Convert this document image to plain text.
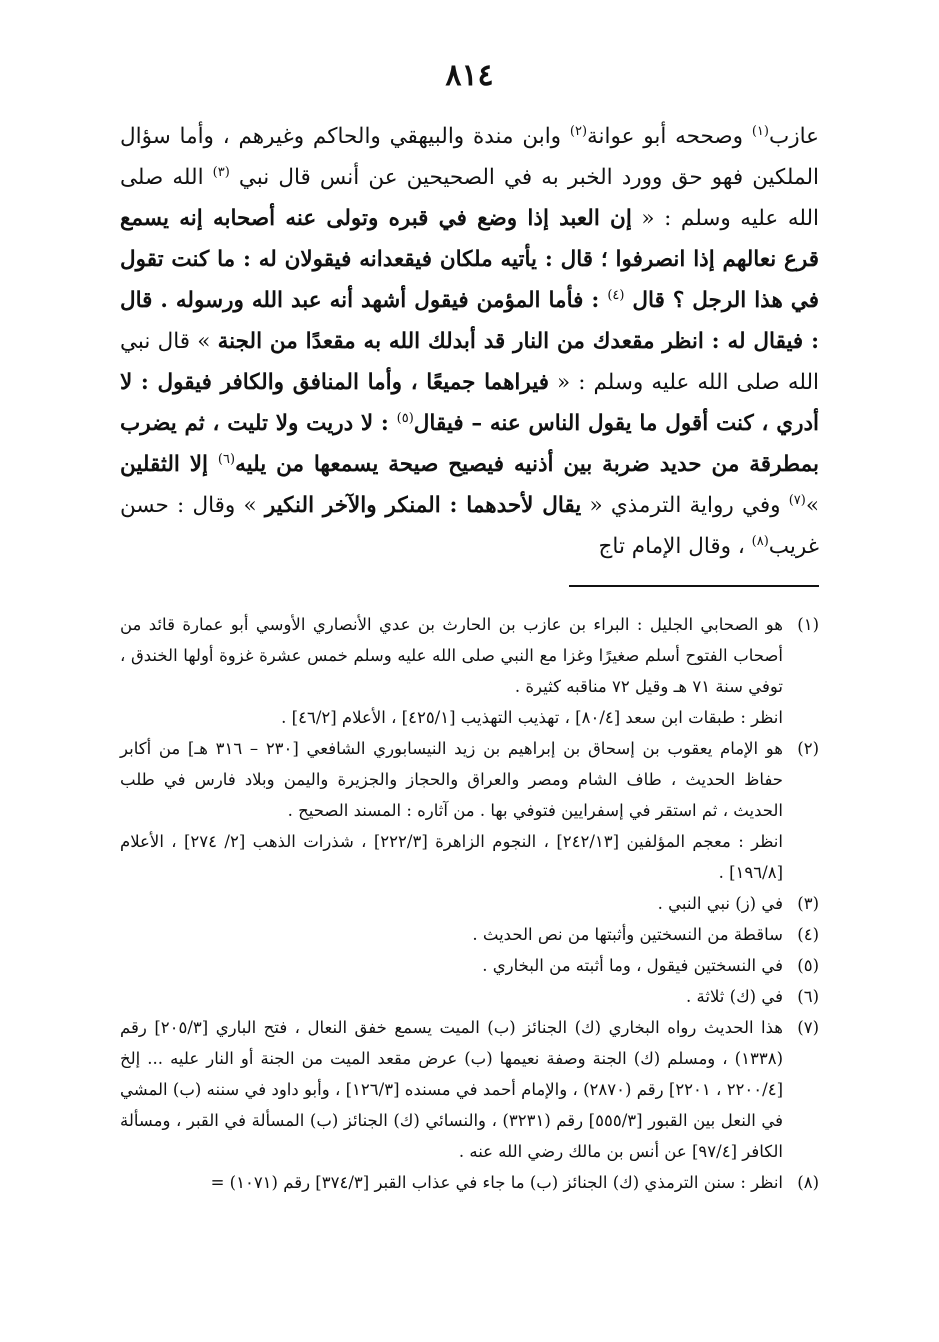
٨١٤
عازب$^{(١)}$ وصححه أبو عوانة$^{(٢)}$ وابن مندة والبيهقي والحاكم وغيرهم ، وأما سؤال الملكين فهو حق وورد الخبر به في الصحيحين عن أنس قال نبي $^{(٣)}$ الله صلى الله عليه وسلم : « إن العبد إذا وضع في قبره وتولى عنه أصحابه إنه يسمع قرع نعالهم إذا انصرفوا ؛ قال : يأتيه ملكان فيقعدانه فيقولان له : ما كنت تقول في هذا الرجل ؟ قال $^{(٤)}$ : فأما المؤمن فيقول أشهد أنه عبد الله ورسوله . قال : فيقال له : انظر مقعدك من النار قد أبدلك الله به مقعدًا من الجنة » قال نبي الله صلى الله عليه وسلم : « فيراهما جميعًا ، وأما المنافق والكافر فيقول : لا أدري ، كنت أقول ما يقول الناس عنه – فيقال$^{(٥)}$ : لا دريت ولا تليت ، ثم يضرب بمطرقة من حديد ضربة بين أذنيه فيصيح صيحة يسمعها من يليه$^{(٦)}$ إلا الثقلين »$^{(٧)}$ وفي رواية الترمذي « يقال لأحدهما : المنكر والآخر النكير » وقال : حسن غريب$^{(٨)}$ ، وقال الإمام تاج
(١)
هو الصحابي الجليل : البراء بن عازب بن الحارث بن عدي الأنصاري الأوسي أبو عمارة قائد من أصحاب الفتوح أسلم صغيرًا وغزا مع النبي صلى الله عليه وسلم خمس عشرة غزوة أولها الخندق ، توفي سنة ٧١ هـ وقيل ٧٢ مناقبه كثيرة .
انظر : طبقات ابن سعد [٨٠/٤] ، تهذيب التهذيب [٤٢٥/١] ، الأعلام [٤٦/٢] .
(٢)
هو الإمام يعقوب بن إسحاق بن إبراهيم بن زيد النيسابوري الشافعي [٢٣٠ – ٣١٦ هـ] من أكابر حفاظ الحديث ، طاف الشام ومصر والعراق والحجاز والجزيرة واليمن وبلاد فارس في طلب الحديث ، ثم استقر في إسفرايين فتوفي بها . من آثاره : المسند الصحيح .
انظر : معجم المؤلفين [٢٤٢/١٣] ، النجوم الزاهرة [٢٢٢/٣] ، شذرات الذهب [٢/ ٢٧٤] ، الأعلام [١٩٦/٨] .
(٣)
في (ز) نبي النبي .
(٤)
ساقطة من النسختين وأثبتها من نص الحديث .
(٥)
في النسختين فيقول ، وما أثبته من البخاري .
(٦)
في (ك) ثلاثة .
(٧)
هذا الحديث رواه البخاري (ك) الجنائز (ب) الميت يسمع خفق النعال ، فتح الباري [٢٠٥/٣] رقم (١٣٣٨) ، ومسلم (ك) الجنة وصفة نعيمها (ب) عرض مقعد الميت من الجنة أو النار عليه ... إلخ [٢٢٠٠/٤ ، ٢٢٠١] رقم (٢٨٧٠) ، والإمام أحمد في مسنده [١٢٦/٣] ، وأبو داود في سننه (ب) المشي في النعل بين القبور [٥٥٥/٣] رقم (٣٢٣١) ، والنسائي (ك) الجنائز (ب) المسألة في القبر ، ومسألة الكافر [٩٧/٤] عن أنس بن مالك رضي الله عنه .
(٨)
انظر : سنن الترمذي (ك) الجنائز (ب) ما جاء في عذاب القبر [٣٧٤/٣] رقم (١٠٧١) =
